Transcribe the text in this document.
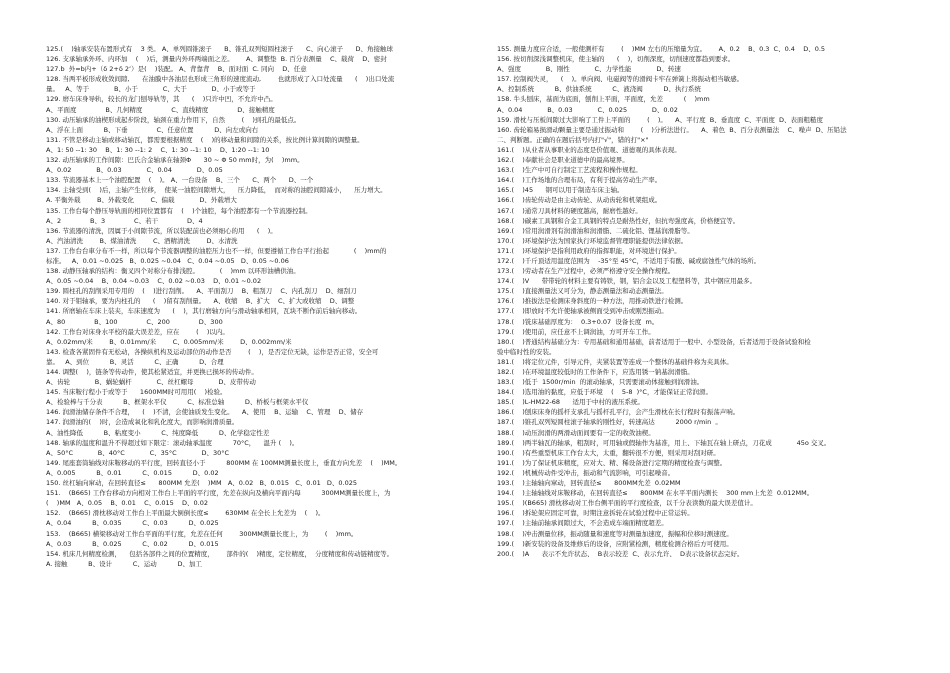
125.(    )轴承安装布置形式有    3 类。 A、单列圆锥滚子      B、锥孔双列短圆柱滚子      C、向心滚子      D、角接触球
126. 支承轴承外环、内环加    (    )后，测量内外环两端面之差。      A、调整垫  B. 百分表测量    C、载荷    D、密封
127.b  外=b内+（δ 2+δ 2’）是(    )装配。 A、背靠背    B、面对面  C. 同向    D、任意
128. 当两平板形成收敛间隙,      在油膜中各油层也形成三角形的速度流动,        也就形成了入口处流量      (    )出口处流
量。   A、等于            B、小于            C、大于            D、小于或等于
129. 磨车床身导轨，较长的龙门刨导轨等，其      (    )只许中凹，不允许中凸。
A、平面度              B、几何精度              C、直线精度              D、接触精度
130. 动压轴承的油楔形成起步阶段，轴颈在重力作用下，自然        (    )到孔的最低点。
A、浮在上面          B、下垂              C、任意位置          D、向左或向右
131. 不管是移动主轴或移动轴瓦，都需要根据精度    (    )的移动量和间隙的关系，按比例计算间隙的调整量。
A、1: 50 --1: 30    B、1: 30 --1: 2    C、1: 30 --1: 10    D、1:20 --1: 10
132. 动压轴承的工作间隙：巴氏合金轴承在轴颈Φ      30 ~ Φ 50 mm时，为(    )mm。
A、0.02            B、0.03            C、0.04            D、0.05
133. 节流器基本上一个油腔配置    (    )。 A、一台设备    B、三个      C、两个      D、一个
134. 主轴受到(    )后，主轴产生位移，  使某一油腔间隙增大，    压力降低，  而对称的油腔间隙减小，    压力增大。
A. 平衡外载        B、外载变化        C、偏载            D、外载增大
135. 工作台每个静压导轨面的相同位置都有    (    )个油腔，每个油腔都有一个节流器控制。
A、2              B、3              C、若干              D、4
136. 节流器的清洗，因属于小间隙节流，所以装配前也必须细心的用      (    )。
A、汽油清洗        B、煤油清洗        C、酒精清洗        D、水清洗
137. 工作台台車分布不一样，所以每个节流器调整的油腔压力也不一样，但要遵循工作台平行抬起            (    )mm的
标准。   A、0.01 ~0.025   B、0.025 ~0.04   C、0.04 ~0.05   D、0.05 ~0.06
138. 动静压轴承的结构：衡叉四个对称分布排浅腔。          (    )mm 以环形油槽供油。
A、0.05 ~0.04    B、0.04 ~0.03    C、0.02 ~0.03    D、0.01 ~0.02
139. 圆柱孔的刮削采用专用的    (    )进行刮削。    A、平面刮刀    B、粗刮刀    C、内孔刮刀    D、细刮刀
140. 对于钼轴承，要为内柱孔的      (    )留有刮削量。    A、收缩    B、扩大    C、扩大或收缩    D、调整
141. 所磨轴在车床上装夹，车床速度为      (    )，其行磨轴方向与滑动轴承相同，瓦块不断作前后轴向移动。
A、80              B、100              C、200              D、300
142. 工作台对床身水平校的最大误差差，应在        (    )以内。
A、0.02mm/米        B、0.01mm/米        C、0.005mm/米        D、0.002mm/米
143. 检查各紧固件有无松动，各操纵机构及运动部位的动作是否        (    )，是否定位无缺，运作是否正常，安全可
靠。   A、到位          B、灵活          C、正确          D、合理
144. 调整(    )，链条等传动件，使其松紧适宜，并更换已损坏的传动件。
A、齿轮            B、蜗轮蜗杆            C、丝杠螺母            D、皮带传动
145. 当床鞍行程小于或等于      1600MM时可用用(    )检验。
A、检验棒与千分表          B、框架水平仪          C、标准总轴          D、桥板与框架水平仪
146. 润滑油储存条件不合理，    (    )不清，会使油质发生变化。    A、使用    B、运输    C、管理    D、储存
147. 润滑油的(    )时，会造成氧化和乳化度大，而影响润滑质量。
A、油性降低          B、粘度变小          C、纯度降低          D、化学稳定性差
148. 轴承的温度和温升不得超过如下限定：滚动轴承温度          70°C，    温升 (    )。
A、50°C            B、40°C            C、35°C            D、30°C
149. 尾座套筒轴线对床鞍移动的平行度，回转直径小于          800MM 在 100MM测量长度上，垂直方向允差    (    )MM。
A、0.005          B、0.01          C、0.015          D、0.02
150. 丝杠轴向窜动，在回转直径≤      800MM 允差(    )MM   A、0.02   B、0.015   C、0.01   D、0.025
151.    (B665) 工作台移动方向相对工作台上平面的平行度，允差在纵向及横向平面内每          300MM测量长度上，为
(    )MM   A、0.05    B、0.01    C、0.015    D、0.02
152.    (B665) 滑枕移动对工作台上平面最大倒倒长度≤        630MM 在全长上允差为    (    )。
A、0.04          B、0.035          C、0.03          D、0.025
153.    (B665) 横梁移动对工作台平面的平行度，允差在任何        300MM测量长度上，为        (    )mm。
A、0.03          B、0.025          C、0.02          D、0.015
154. 机床几何精度检测，    包括各部件之间的位置精度，      部件的(    )精度，定位精度，  分度精度和传动链精度等。
A. 接触          B、设计          C、运动          D、加工
155. 测量力度应合适，一般使测杆有        (    )MM 左右的压缩量为宜。      A、0.2    B、0.3  C、0.4    D、0.5
156. 按切削深浅调整机床，使主轴的      (    )，切削深度，切削速度都趋到要求。
A、强度            B、刚性            C、力学性能            D、转速
157. 控制阀失灵，    (    )。单向阀、电磁阀等的滑阀卡牢在弹簧上将振动相当敏感。
A、控制系统          B、供油系统          C、液浇阀          D、执行系统
158. 牛头刨床，基面为底面，刨削上平面，平面度，允差          (    )mm
A、0.04            B、0.03            C、0.025            D、0.02
159. 滑枕与压板间隙过大影响了工件上平面的        (    )。    A、平行度  B、垂直度  C、平面度  D、表面粗糙度
160. 齿轮箱易损滑动颗量主要是通过振动和        (    )分析法进行。    A、着色  B、百分表测量法    C、噪声  D、压铅法
二、判断题。正确的在题后括号内打"√"，错的打"×"
161.(    )从业者从事职业的态度是价值观、道德观的具体表现。
162.(    )奉献社会是职业道德中的最高境界。
163.(    )生产中可自行制定工艺流程和操作规程。
164.(    )工作场地的合理布局，有利于提高劳动生产率。
165.(    )45      钢可以用于制造车床主轴。
166.(    )齿轮传动是由主动齿轮、从动齿轮和机架组成。
167.(    )通常刀具材料的硬度越高，耐磨性越好。
168.(    )碳素工具钢和合金工具钢的特点是耐热性好，但抗弯强度高，价格便宜等。
169.(    )常用润滑剂有润滑油和润滑脂、二硫化铝、锂基润滑脂等。
170.(    )环境保护法为国家执行环境监督管理职能提供法律依据。
171.(    )环境保护是指利用政府的指挥职能，对环境进行保护。
172.(    )千斤顶适用温度范围为    -35°至 45°C，不适用于有酸、碱或腐蚀性气体的场所。
173.(    )劳动者在生产过程中，必须严格遵守安全操作规程。
174.(    )V      带带轮的材料主要有铸铁，钢，铝合金以及工程塑料等，其中钢应用最多。
175.(    )直接测量法又可分为，静态测量法和动态测量法。
176.(    )推拔法是检测床身斜度的一种方法，用推动铁进行检测。
177.(    )即放时不允许使轴承被侧面受到冲击或刚烈振动。
178.(    )铣床基础厚度为：  0.3+0.07  设备长度  m。
179.(    )使用前，应任意不上调润油，方可开车工作。
180.(    )普通结构基础分为：专用基础和通用基础，前者适用于一般中、小型设备，后者适用于设备试验和检
验中临时性的安装。
181.(    )将定位元件，引导元件，夹紧装置等连成一个整体的基础件称为夹具体。
182.(    )在环境温度较低时的工作条件下，应选用锈一钠基润滑脂。
183.(    )低于  1500r/min  的滚动轴承，只需要滚动体接触到润滑油。
184.(    )选用油的黏度，应低于环境    (    5-8  )°C，才能保证正常润滑。
185.(    )L-HM22-68      适用于中村的液压系统。
186.(    )刨床床身的摇杆支承孔与摇杆孔平行，会产生滑枕在长行程时有振荡声响。
187.(    )锥孔双列短圆柱滚子轴承的刚性好，转速高达          2000 r/min  。
188.(    )动压润滑的两滑动面间要有一定的收敛油楔。
189.(    )两半轴瓦的轴承，粗刮时，可用轴或假轴作为基准，用上、下轴瓦在轴上研点，刀花成            45o 交叉。
190.(    )有些重型机床工作台太大，太重，翻转很不方便，则采用对刮对研。
191.(    )为了保证机床精度，应对大、精、稀设备进行定期的精度检查与调整。
192.(    )机械传动件受冲击，振动和气流影响，可引起噪音。
193.(    )主轴轴向窜动，回转直径≤      800MM允差  0.02MM
194.(    )主轴轴线对床鞍移动，在回转直径≤      800MM 在水平平面内测长    300 mm上允差  0.012MM。
195.(    )(B665) 滑枕移动对工作台侧平面的平行度检查，以千分表读数的最大误差值计。
196.(    )拆轮架应固定可靠，时期注意拆轮在试验过程中正常运转。
197.(    )主轴前轴承间隙过大，不会造成车端面精度超差。
198.(    )冲击测量位移，振动随量和速度等对测量加速度，振幅和位移时测速度。
199.(    )新安装的设备及维修后的设备，应附紧检测，精度检测合格后方可使用。
200.(    )A      表示不允许状态、  B表示较差  C、表示允许、  D表示设备状态完好。
